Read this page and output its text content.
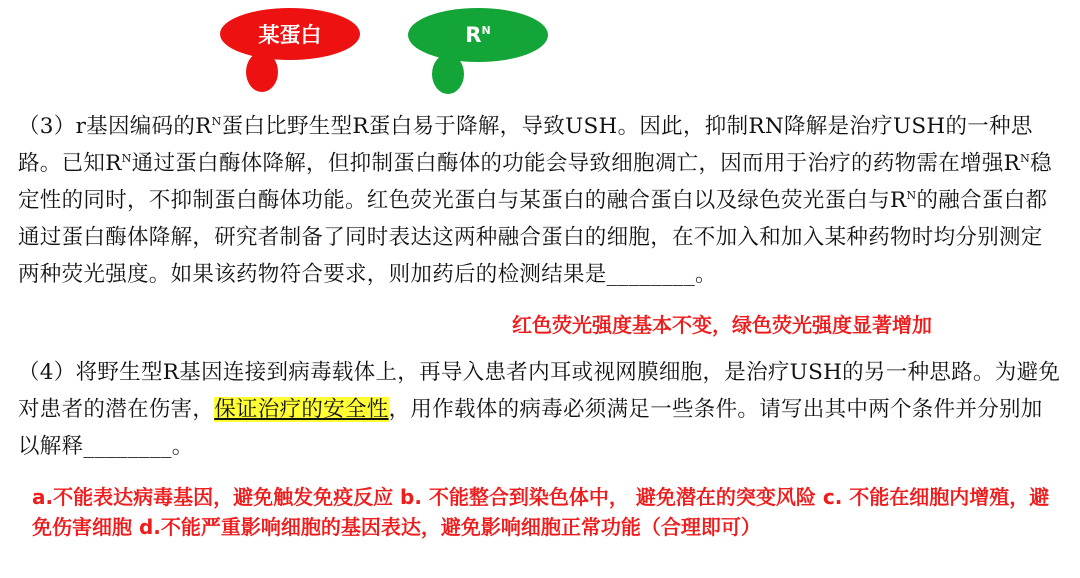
某蛋白	$R^N$
（3）r基因编码的$R^N$蛋白比野生型R蛋白易于降解，导致USH。因此，抑制RN降解是治疗USH的一种思路。已知$R^N$通过蛋白酶体降解，但抑制蛋白酶体的功能会导致细胞凋亡，因而用于治疗的药物需在增强$R^N$稳定性的同时，不抑制蛋白酶体功能。红色荧光蛋白与某蛋白的融合蛋白以及绿色荧光蛋白与$R^N$的融合蛋白都通过蛋白酶体降解，研究者制备了同时表达这两种融合蛋白的细胞，在不加入和加入某种药物时均分别测定两种荧光强度。如果该药物符合要求，则加药后的检测结果是________。
红色荧光强度基本不变，绿色荧光强度显著增加
（4）将野生型R基因连接到病毒载体上，再导入患者内耳或视网膜细胞，是治疗USH的另一种思路。为避免对患者的潜在伤害，保证治疗的安全性，用作载体的病毒必须满足一些条件。请写出其中两个条件并分别加以解释________。
a.不能表达病毒基因，避免触发免疫反应 b. 不能整合到染色体中， 避免潜在的突变风险 c. 不能在细胞内增殖，避免伤害细胞 d.不能严重影响细胞的基因表达，避免影响细胞正常功能（合理即可）
